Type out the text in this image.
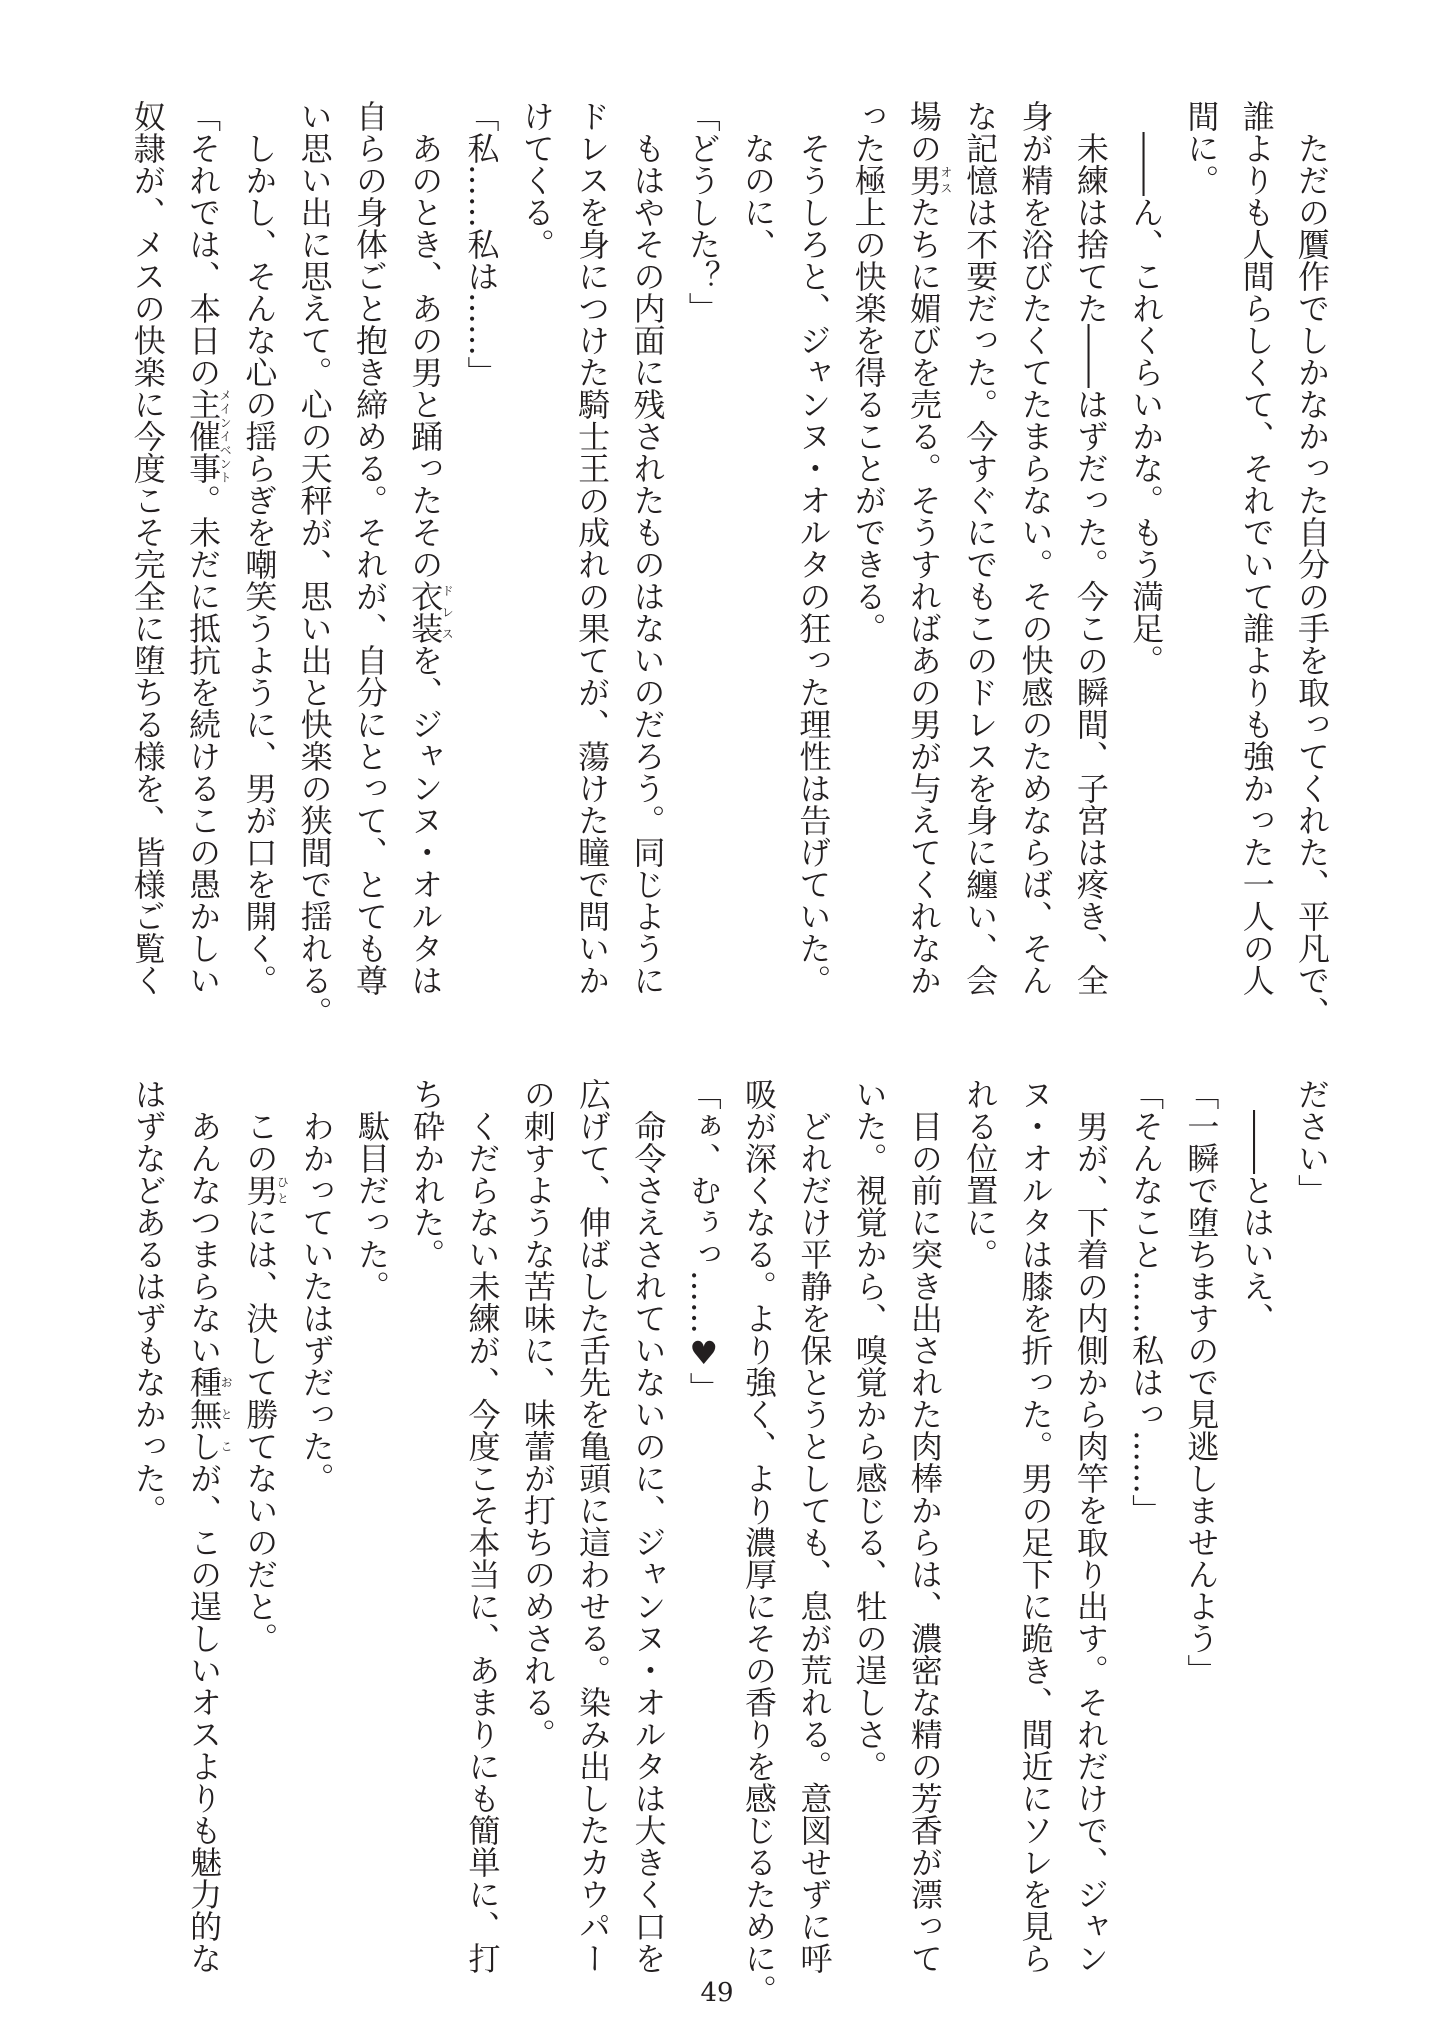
　ただの贋作でしかなかった自分の手を取ってくれた、平凡で、
誰よりも人間らしくて、それでいて誰よりも強かった一人の人
間に。
　――ん、これくらいかな。もう満足。
　未練は捨てた――はずだった。今この瞬間、子宮は疼き、全
身が精を浴びたくてたまらない。その快感のためならば、そん
な記憶は不要だった。今すぐにでもこのドレスを身に纏い、会
場の男オスたちに媚びを売る。そうすればあの男が与えてくれなか
った極上の快楽を得ることができる。
　そうしろと、ジャンヌ・オルタの狂った理性は告げていた。
　なのに、
「どうした？」
　もはやその内面に残されたものはないのだろう。同じように
ドレスを身につけた騎士王の成れの果てが、蕩けた瞳で問いか
けてくる。
「私……私は……」
　あのとき、あの男と踊ったその衣装ドレスを、ジャンヌ・オルタは
自らの身体ごと抱き締める。それが、自分にとって、とても尊
い思い出に思えて。心の天秤が、思い出と快楽の狭間で揺れる。
　しかし、そんな心の揺らぎを嘲笑うように、男が口を開く。
「それでは、本日の主催事メインイベント。未だに抵抗を続けるこの愚かしい
奴隷が、メスの快楽に今度こそ完全に堕ちる様を、皆様ご覧く
ださい」
　――とはいえ、
「一瞬で堕ちますので見逃しませんよう」
「そんなこと……私はっ……」
　男が、下着の内側から肉竿を取り出す。それだけで、ジャン
ヌ・オルタは膝を折った。男の足下に跪き、間近にソレを見ら
れる位置に。
　目の前に突き出された肉棒からは、濃密な精の芳香が漂って
いた。視覚から、嗅覚から感じる、牡の逞しさ。
　どれだけ平静を保とうとしても、息が荒れる。意図せずに呼
吸が深くなる。より強く、より濃厚にその香りを感じるために。
「ぁ、むぅっ……♥」
　命令さえされていないのに、ジャンヌ・オルタは大きく口を
広げて、伸ばした舌先を亀頭に這わせる。染み出したカウパー
の刺すような苦味に、味蕾が打ちのめされる。
　くだらない未練が、今度こそ本当に、あまりにも簡単に、打
ち砕かれた。
　駄目だった。
　わかっていたはずだった。
　この男ひとには、決して勝てないのだと。
　あんなつまらない種無しおとこが、この逞しいオスよりも魅力的な
はずなどあるはずもなかった。
49
